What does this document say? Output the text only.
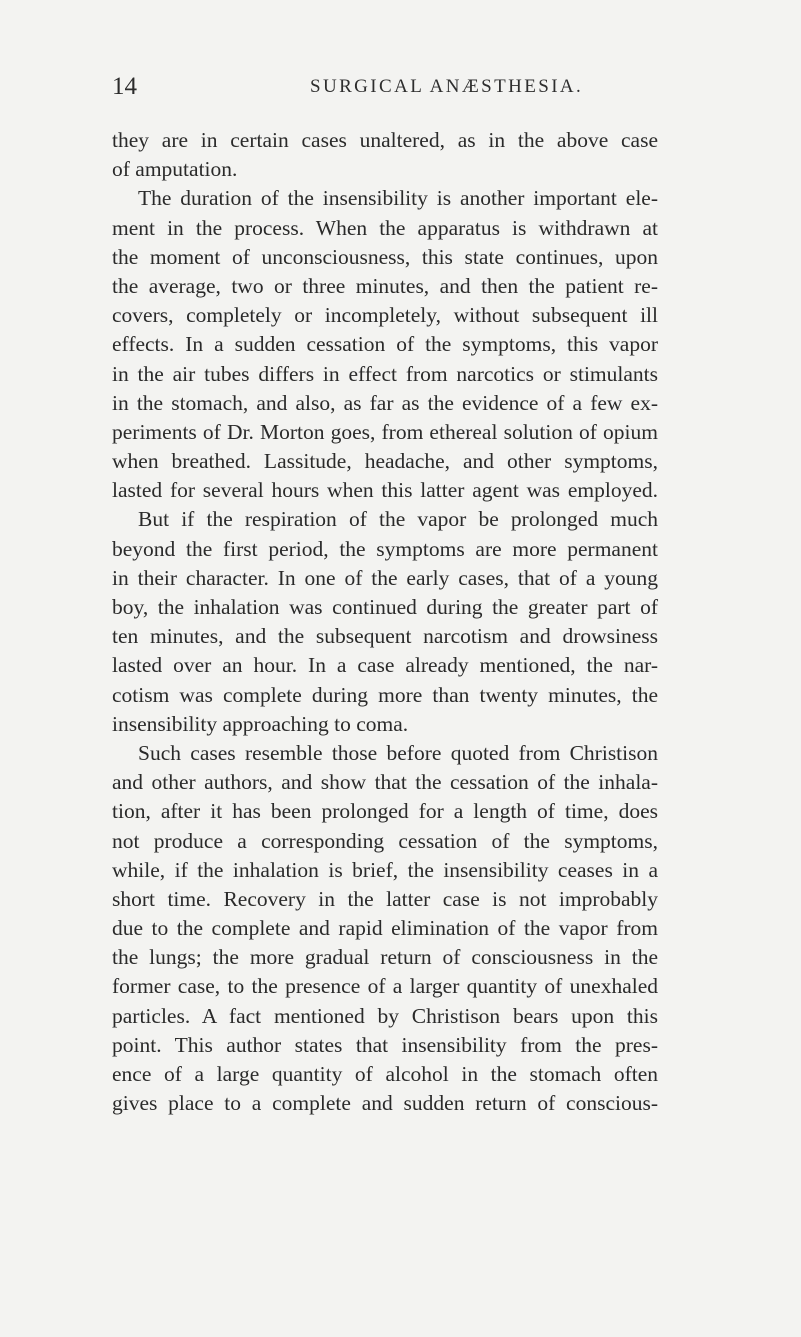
14	SURGICAL ANÆSTHESIA.
they are in certain cases unaltered, as in the above case
of amputation.
The duration of the insensibility is another important ele-
ment in the process. When the apparatus is withdrawn at
the moment of unconsciousness, this state continues, upon
the average, two or three minutes, and then the patient re-
covers, completely or incompletely, without subsequent ill
effects. In a sudden cessation of the symptoms, this vapor
in the air tubes differs in effect from narcotics or stimulants
in the stomach, and also, as far as the evidence of a few ex-
periments of Dr. Morton goes, from ethereal solution of opium
when breathed. Lassitude, headache, and other symptoms,
lasted for several hours when this latter agent was employed.
But if the respiration of the vapor be prolonged much
beyond the first period, the symptoms are more permanent
in their character. In one of the early cases, that of a young
boy, the inhalation was continued during the greater part of
ten minutes, and the subsequent narcotism and drowsiness
lasted over an hour. In a case already mentioned, the nar-
cotism was complete during more than twenty minutes, the
insensibility approaching to coma.
Such cases resemble those before quoted from Christison
and other authors, and show that the cessation of the inhala-
tion, after it has been prolonged for a length of time, does
not produce a corresponding cessation of the symptoms,
while, if the inhalation is brief, the insensibility ceases in a
short time. Recovery in the latter case is not improbably
due to the complete and rapid elimination of the vapor from
the lungs; the more gradual return of consciousness in the
former case, to the presence of a larger quantity of unexhaled
particles. A fact mentioned by Christison bears upon this
point. This author states that insensibility from the pres-
ence of a large quantity of alcohol in the stomach often
gives place to a complete and sudden return of conscious-
